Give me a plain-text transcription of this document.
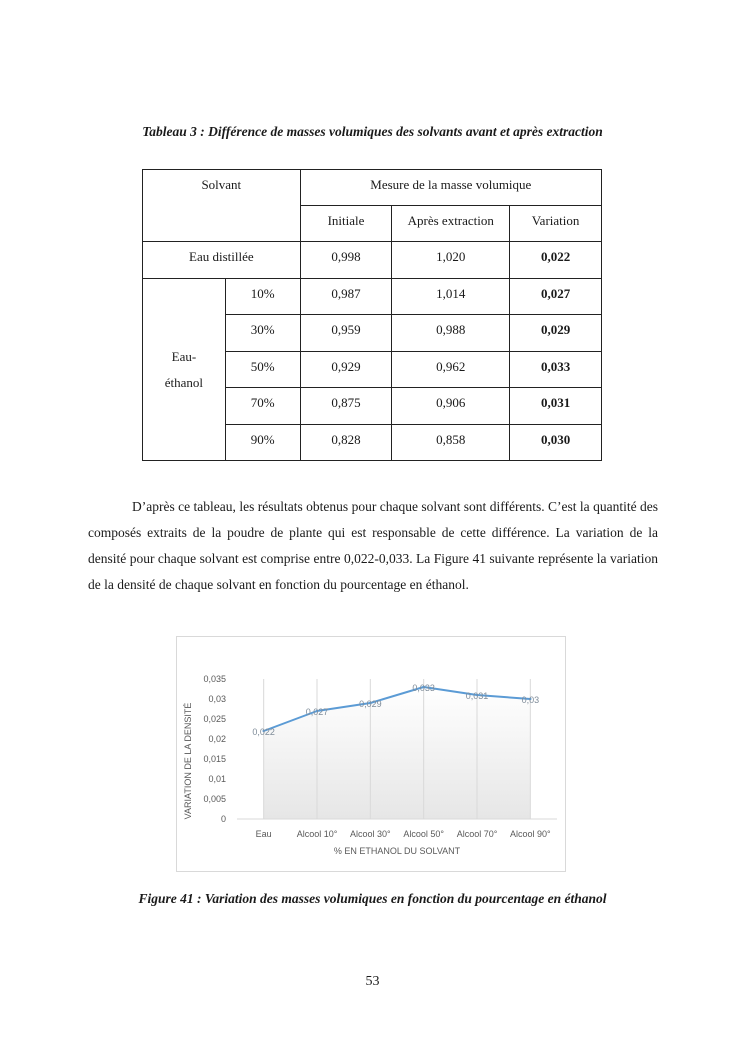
Tableau 3 : Différence de masses volumiques des solvants avant et après extraction
Solvant		Mesure de la masse volumique		
		Initiale	Après extraction	Variation
Eau distillée		0,998	1,020	0,022
Eau-
éthanol	10%	0,987	1,014	0,027
	30%	0,959	0,988	0,029
	50%	0,929	0,962	0,033
	70%	0,875	0,906	0,031
	90%	0,828	0,858	0,030

D’après ce tableau, les résultats obtenus pour chaque solvant sont différents. C’est la quantité des composés extraits de la poudre de plante qui est responsable de cette différence. La variation de la densité pour chaque solvant est comprise entre 0,022-0,033. La Figure 41 suivante représente la variation de la densité de chaque solvant en fonction du pourcentage en éthanol.

0
0,005
0,01
0,015
0,02
0,025
0,03
0,035
Eau	Alcool 10° Alcool 30° Alcool 50° Alcool 70° Alcool 90°
% EN ETHANOL DU SOLVANT
VARIATION DE LA DENSITÉ	0,022
0,027
0,029
0,033
0,031	0,03
Figure 41 : Variation des masses volumiques en fonction du pourcentage en éthanol
53
